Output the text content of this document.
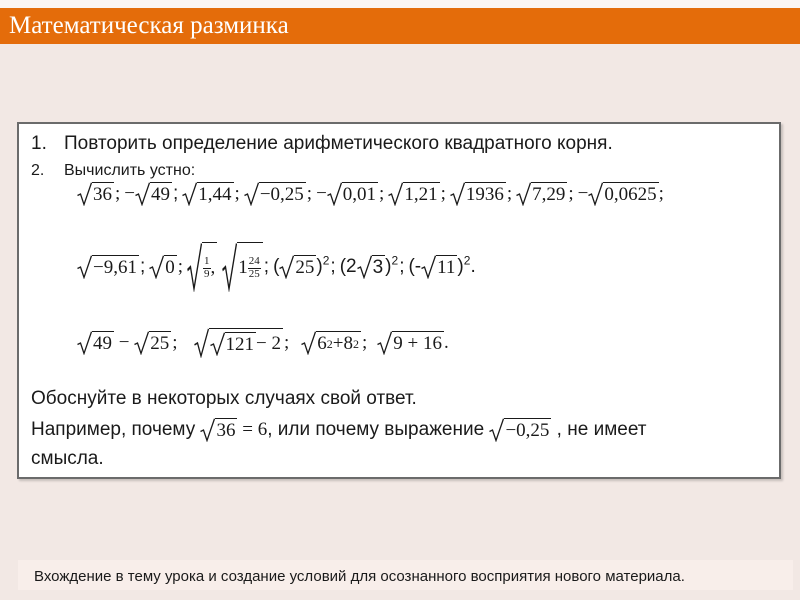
Математическая разминка
1. Повторить определение арифметического квадратного корня.
2. Вычислить устно:
36 ; − 49 ; 1,44 ; −0,25 ; − 0,01 ; 1,21 ; 1936 ; 7,29 ; − 0,0625 ;
−9,61 ; 0 ; $\frac{1}{9}$ , $1 \frac{24}{25}$ ; ( 25 )$^2$; (2 3 )$^2$; (- 11 )$^2$.
49 − 25 ;	121 − 2 ; 6 2 + 8 2 ; 9 + 16 .
Обоснуйте в некоторых случаях свой ответ.
Например, почему 36 = 6, или почему выражение −0,25 , не имеет
смысла.
Вхождение в тему урока и создание условий для осознанного восприятия нового материала.
